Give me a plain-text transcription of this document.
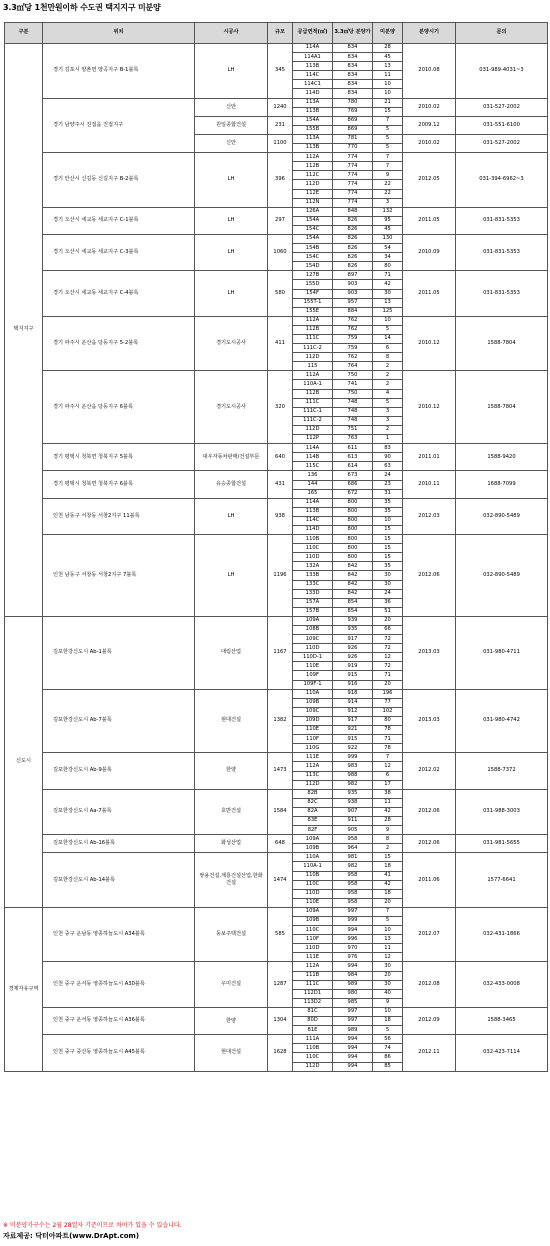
3.3㎡당 1천만원이하 수도권 택지지구 미분양
구분	위치	시공사	규모	공급면적(㎡)	3.3㎡당 분양가	미분양	분양시기	문의
택지지구	경기 김포시 양촌면 양곡지구 B-1블록	LH	345	114A	834	28	2010.08	031-989-4031~3
				114A1	834	45		
				113B	834	13		
				114C	834	11		
				114C1	834	10		
				114D	834	10		
	경기 남양주시 진접읍 진접지구	신안	1240	113A	780	21	2010.02	031-527-2002
				113B	769	15		
		원일종합건설	231	154A	869	7	2009.12	031-551-6100
				155B	869	5		
		신안	1100	113A	781	5	2010.02	031-527-2002
				113B	770	5		
	경기 안산시 신길동 신길지구 B-2블록	LH	396	112A	774	7	2012.05	031-394-6962~3
				112B	774	7		
				112C	774	9		
				112D	774	22		
				112E	774	22		
				112N	774	3		
	경기 오산시 세교동 세교지구 C-1블록	LH	297	126A	848	132	2011.05	031-831-5353
				154A	826	95		
				154C	826	45		
	경기 오산시 세교동 세교지구 C-3블록	LH	1060	154A	826	130	2010.09	031-831-5353
				154B	826	54		
				154C	826	34		
				154D	826	80		
	경기 오산시 세교동 세교지구 C-4블록	LH	580	127B	897	71	2011.05	031-831-5353
				155D	903	42		
				154F	903	30		
				155T-1	957	13		
				155E	884	125		
	경기 파주시 운산읍 당동지구 5-2블록	경기도시공사	411	112A	762	10	2010.12	1588-7804
				112B	762	5		
				111C	759	14		
				111C-2	759	6		
				112D	762	8		
				115	764	2		
	경기 파주시 운산읍 당동지구 6블록	경기도시공사	320	112A	750	2	2010.12	1588-7804
				110A-1	741	2		
				112B	750	4		
				111C	748	5		
				111C-1	748	3		
				111C-2	748	3		
				112D	751	2		
				112P	763	1		
	경기 평택시 청북면 청북지구 5블록	대우자동차판매/건설부문	640	114A	611	83	2011.01	1588-9420
				114B	613	90		
				115C	614	63		
	경기 평택시 청북면 청북지구 6블록	유승종합건설	431	136	673	24	2010.11	1688-7099
				144	686	23		
				165	672	31		
	인천 남동구 서창동 서창2지구 11블록	LH	938	114A	800	35	2012.03	032-890-5489
				113B	800	35		
				114C	800	10		
				114D	800	15		
	인천 남동구 서창동 서창2지구 7블록	LH	1196	110B	800	15	2012.06	032-890-5489
				110C	800	15		
				110D	800	15		
				132A	842	35		
				133B	842	30		
				133C	842	30		
				133D	842	24		
				157A	854	36		
				157B	854	51		
신도시	김포한강신도시 Ab-1블록	대림산업	1167	109A	939	20	2013.03	031-980-4711
				108B	935	66		
				109C	917	72		
				110D	926	72		
				110D-1	926	12		
				110E	919	72		
				109F	915	71		
				109F-1	916	20		
	김포한강신도시 Ab-7블록	현대건설	1382	110A	918	196	2013.03	031-980-4742
				109B	914	77		
				109C	912	102		
				109D	917	80		
				110E	921	78		
				110F	915	71		
				110G	922	78		
	김포한강신도시 Ab-9블록	한양	1473	111E	999	7	2012.02	1588-7372
				112A	983	12		
				113C	988	6		
				112D	982	17		
	김포한강신도시 Aa-7블록	호반건설	1584	82B	935	38	2012.06	031-988-3003
				82C	938	11		
				82A	907	42		
				83E	911	28		
				82F	905	9		
	김포한강신도시 Ab-16블록	화성산업	648	109A	958	8	2012.06	031-981-5655
				109B	964	2		
	김포한강신도시 Ab-14블록	쌍용건설,계룡건설산업,한화건설	1474	110A	981	15	2011.06	1577-6641
				110A-1	982	18		
				110B	958	41		
				110C	958	42		
				110D	958	18		
				110E	958	20		
경제자유구역	인천 중구 운남동 영종하늘도시 A34블록	동보주택건설	585	109A	997	7	2012.07	032-431-1866
				109B	999	5		
				110C	994	10		
				110F	996	13		
				110D	970	11		
				111E	976	12		
	인천 중구 운서동 영종하늘도시 A30블록	우미건설	1287	112A	994	30	2012.08	032-433-0008
				111B	984	20		
				111C	989	30		
				112D1	980	40		
				113D2	985	9		
	인천 중구 운서동 영종하늘도시 A36블록	한양	1304	81C	997	10	2012.09	1588-3465
				80D	997	18		
				81E	989	5		
	인천 중구 중산동 영종하늘도시 A45블록	현대건설	1628	111A	994	56	2012.11	032-423-7114
				110B	994	74		
				110C	994	86		
				112D	994	85		
※ 미분양가구수는 2월 28일자 기준이므로 차이가 있을 수 있습니다.
자료제공: 닥터아파트(www.DrApt.com)
